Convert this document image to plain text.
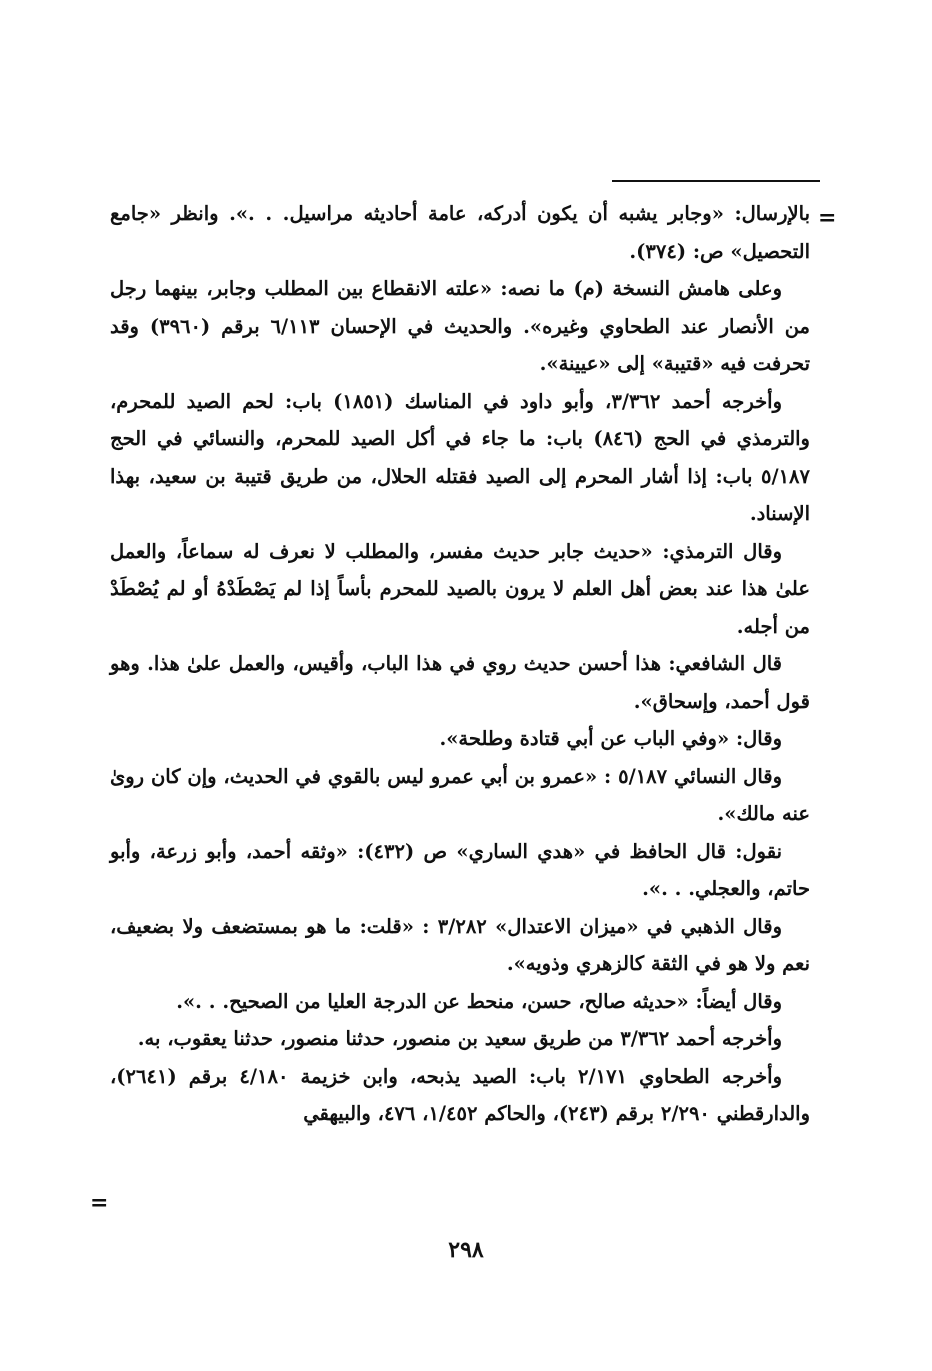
=

بالإرسال: «وجابر يشبه أن يكون أدركه، عامة أحاديثه مراسيل. . .». وانظر «جامع التحصيل» ص: (٣٧٤).

وعلى هامش النسخة (م) ما نصه: «علته الانقطاع بين المطلب وجابر، بينهما رجل من الأنصار عند الطحاوي وغيره». والحديث في الإحسان ٦/١١٣ برقم (٣٩٦٠) وقد تحرفت فيه «قتيبة» إلى «عيينة».

وأخرجه أحمد ٣/٣٦٢، وأبو داود في المناسك (١٨٥١) باب: لحم الصيد للمحرم، والترمذي في الحج (٨٤٦) باب: ما جاء في أكل الصيد للمحرم، والنسائي في الحج ٥/١٨٧ باب: إذا أشار المحرم إلى الصيد فقتله الحلال، من طريق قتيبة بن سعيد، بهذا الإسناد.

وقال الترمذي: «حديث جابر حديث مفسر، والمطلب لا نعرف له سماعاً، والعمل علىٰ هذا عند بعض أهل العلم لا يرون بالصيد للمحرم بأساً إذا لم يَصْطَدْهُ أو لم يُصْطَدْ من أجله.

قال الشافعي: هذا أحسن حديث روي في هذا الباب، وأقيس، والعمل علىٰ هذا. وهو قول أحمد، وإسحاق».

وقال: «وفي الباب عن أبي قتادة وطلحة».

وقال النسائي ٥/١٨٧ : «عمرو بن أبي عمرو ليس بالقوي في الحديث، وإن كان روىٰ عنه مالك».

نقول: قال الحافظ في «هدي الساري» ص (٤٣٢): «وثقه أحمد، وأبو زرعة، وأبو حاتم، والعجلي. . .».

وقال الذهبي في «ميزان الاعتدال» ٣/٢٨٢ : «قلت: ما هو بمستضعف ولا بضعيف، نعم ولا هو في الثقة كالزهري وذويه».

وقال أيضاً: «حديثه صالح، حسن، منحط عن الدرجة العليا من الصحيح. . .».

وأخرجه أحمد ٣/٣٦٢ من طريق سعيد بن منصور، حدثنا منصور، حدثنا يعقوب، به.

وأخرجه الطحاوي ٢/١٧١ باب: الصيد يذبحه، وابن خزيمة ٤/١٨٠ برقم (٢٦٤١)، والدارقطني ٢/٢٩٠ برقم (٢٤٣)، والحاكم ١/٤٥٢، ٤٧٦، والبيهقي

=
٢٩٨
